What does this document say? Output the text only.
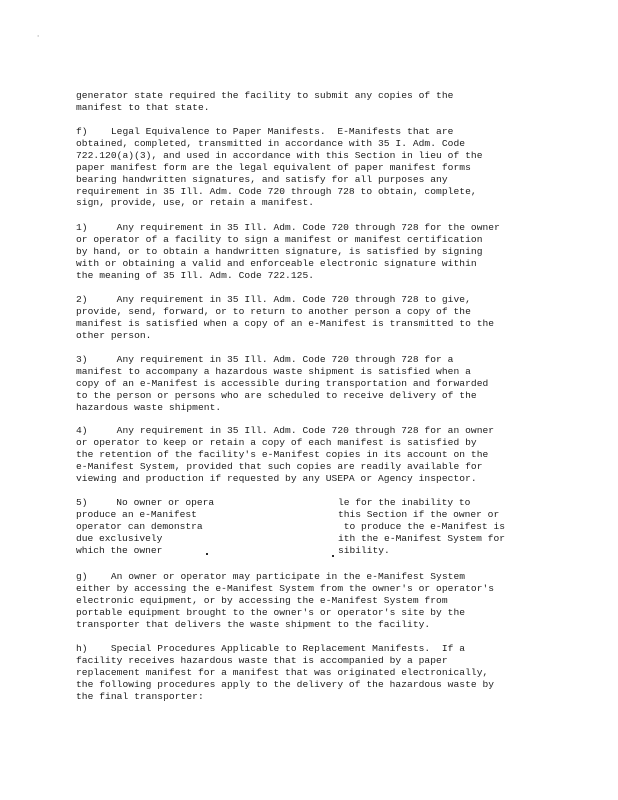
'

generator state required the facility to submit any copies of the
manifest to that state.

f)    Legal Equivalence to Paper Manifests.  E-Manifests that are
obtained, completed, transmitted in accordance with 35 I. Adm. Code
722.120(a)(3), and used in accordance with this Section in lieu of the
paper manifest form are the legal equivalent of paper manifest forms
bearing handwritten signatures, and satisfy for all purposes any
requirement in 35 Ill. Adm. Code 720 through 728 to obtain, complete,
sign, provide, use, or retain a manifest.

1)     Any requirement in 35 Ill. Adm. Code 720 through 728 for the owner
or operator of a facility to sign a manifest or manifest certification
by hand, or to obtain a handwritten signature, is satisfied by signing
with or obtaining a valid and enforceable electronic signature within
the meaning of 35 Ill. Adm. Code 722.125.

2)     Any requirement in 35 Ill. Adm. Code 720 through 728 to give,
provide, send, forward, or to return to another person a copy of the
manifest is satisfied when a copy of an e-Manifest is transmitted to the
other person.

3)     Any requirement in 35 Ill. Adm. Code 720 through 728 for a
manifest to accompany a hazardous waste shipment is satisfied when a
copy of an e-Manifest is accessible during transportation and forwarded
to the person or persons who are scheduled to receive delivery of the
hazardous waste shipment.

4)     Any requirement in 35 Ill. Adm. Code 720 through 728 for an owner
or operator to keep or retain a copy of each manifest is satisfied by
the retention of the facility's e-Manifest copies in its account on the
e-Manifest System, provided that such copies are readily available for
viewing and production if requested by any USEPA or Agency inspector.

5)     No owner or opera
produce an e-Manifest
operator can demonstra
due exclusively
which the owner
le for the inability to
this Section if the owner or
to produce the e-Manifest is
ith the e-Manifest System for
sibility.

g)    An owner or operator may participate in the e-Manifest System
either by accessing the e-Manifest System from the owner's or operator's
electronic equipment, or by accessing the e-Manifest System from
portable equipment brought to the owner's or operator's site by the
transporter that delivers the waste shipment to the facility.

h)    Special Procedures Applicable to Replacement Manifests.  If a
facility receives hazardous waste that is accompanied by a paper
replacement manifest for a manifest that was originated electronically,
the following procedures apply to the delivery of the hazardous waste by
the final transporter:
